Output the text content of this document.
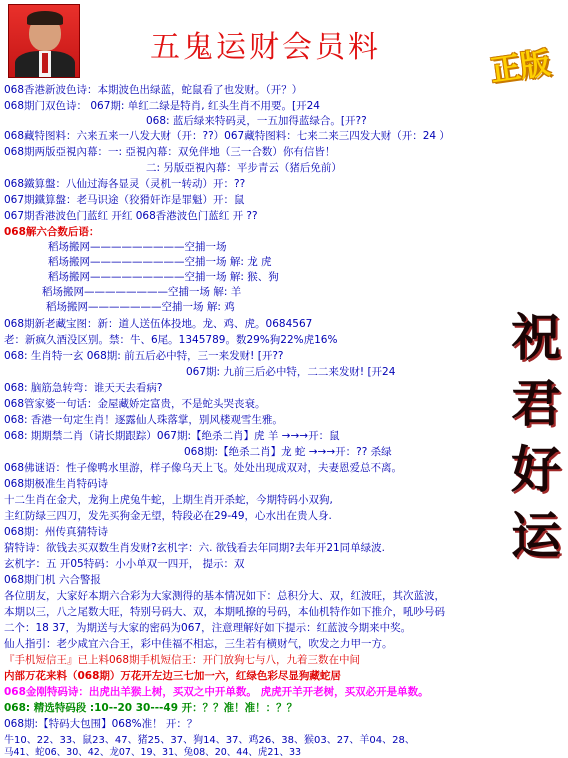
五鬼运财会员料	正版
祝君好运
068香港新波色诗：本期波色出绿蓝，蛇鼠看了也发财。（开？）
068期门双色诗： 067期: 单红二绿是特肖, 红头生肖不用要。[开24
068: 蓝后绿来特码灵，一五加得蓝绿合。[开??
068藏特图料：六来五来一八发大财（开：??）067藏特图料：七来二来三四发大财（开：24 ）
068期两版亞視內幕：一: 亞視內幕：双免伴地（三一合数）你有信皆！
二: 另版亞視內幕：平步青云（猪后免前）
068鐵算盤：八仙过海各显灵（灵机一转动）开：??
067期鐵算盤：老马识途（狡猾奸诈是罪魁）开：鼠
067期香港波色门蓝红 开红 068香港波色门蓝红 开 ??
068解六合数后语：
稻场搬网—————————空捕一场
稻场搬网—————————空捕一场 解: 龙 虎
稻场搬网—————————空捕一场 解: 猴、狗
稻场搬网————————空捕一场 解: 羊
稻场搬网———————空捕一场 解: 鸡
068期新老藏宝图：新：道人送伍体投地。龙、鸡、虎。0684567
老：新疯久酒没区别。禁：牛、6尾。1345789。数29%狗22%虎16%
068: 生肖特一玄 068期: 前五后必中特，三一来发财! [开??
067期: 九前三后必中特，二二来发财! [开24
068: 脑筋急转弯：谁天天去看病?
068管家婆一句话：金屋藏娇定富贵，不是蛇头哭丧衰。
068: 香港一句定生肖！逐露仙人珠落掌，别风楼观雪生雅。
068: 期期禁二肖（请长期跟踪）067期:【绝杀二肖】虎 羊 →→→开：鼠
068期:【绝杀二肖】龙 蛇 →→→开：?? 杀绿
068佛谜语：性子像鸭水里游，样子像乌天上飞。处处出现成双对，夫妻恩爱总不离。
068期极准生肖特码诗
十二生肖在金犬，龙狗上虎兔牛蛇，上期生肖开杀蛇，今期特码小双狗,
主红防绿三四刀，发先买狗金无望，特段必在29-49，心水出在贵人身.
068期：州传真猜特诗
猜特诗：欲钱去买双数生肖发财?玄机字：六. 欲钱看去年同期?去年开21同单绿波.
玄机字：五 开05特码：小小单双一四开， 提示：双
068期门机 六合警报
各位朋友，大家好本期六合彩为大家测得的基本情况如下：总积分大、双，红波旺，其次蓝波，
本期以三，八之尾数大旺，特别号码大、双，本期吼撩的号码，本仙机特作如下推介，吼吵号码
二个：18 37，为期送与大家的密码为067，注意理解好如下提示：红蓝波今期来中奖。
仙人指引：老少咸宜六合王，彩中佳福不相忘，三生若有横财气，吹发之力甲一方。
『手机短信王』已上料068期手机短信王：开门放狗七与八，九着三数在中间
内部万花来料（068期）万花开左边三七加一六，红绿色彩尽显狗藏蛇居
068金刚特码诗：出虎出羊猴上树，买双之中开单数。 虎虎开羊开老树，买双必开是单数。
068: 精选特码段 :10--20 30---49 开：？？准！准！：？？
068期:【特码大包围】068%准！ 开：？
牛10、22、33、鼠23、47、猪25、37、狗14、37、鸡26、38、猴03、27、羊04、28、
马41、蛇06、30、42、龙07、19、31、兔08、20、44、虎21、33
